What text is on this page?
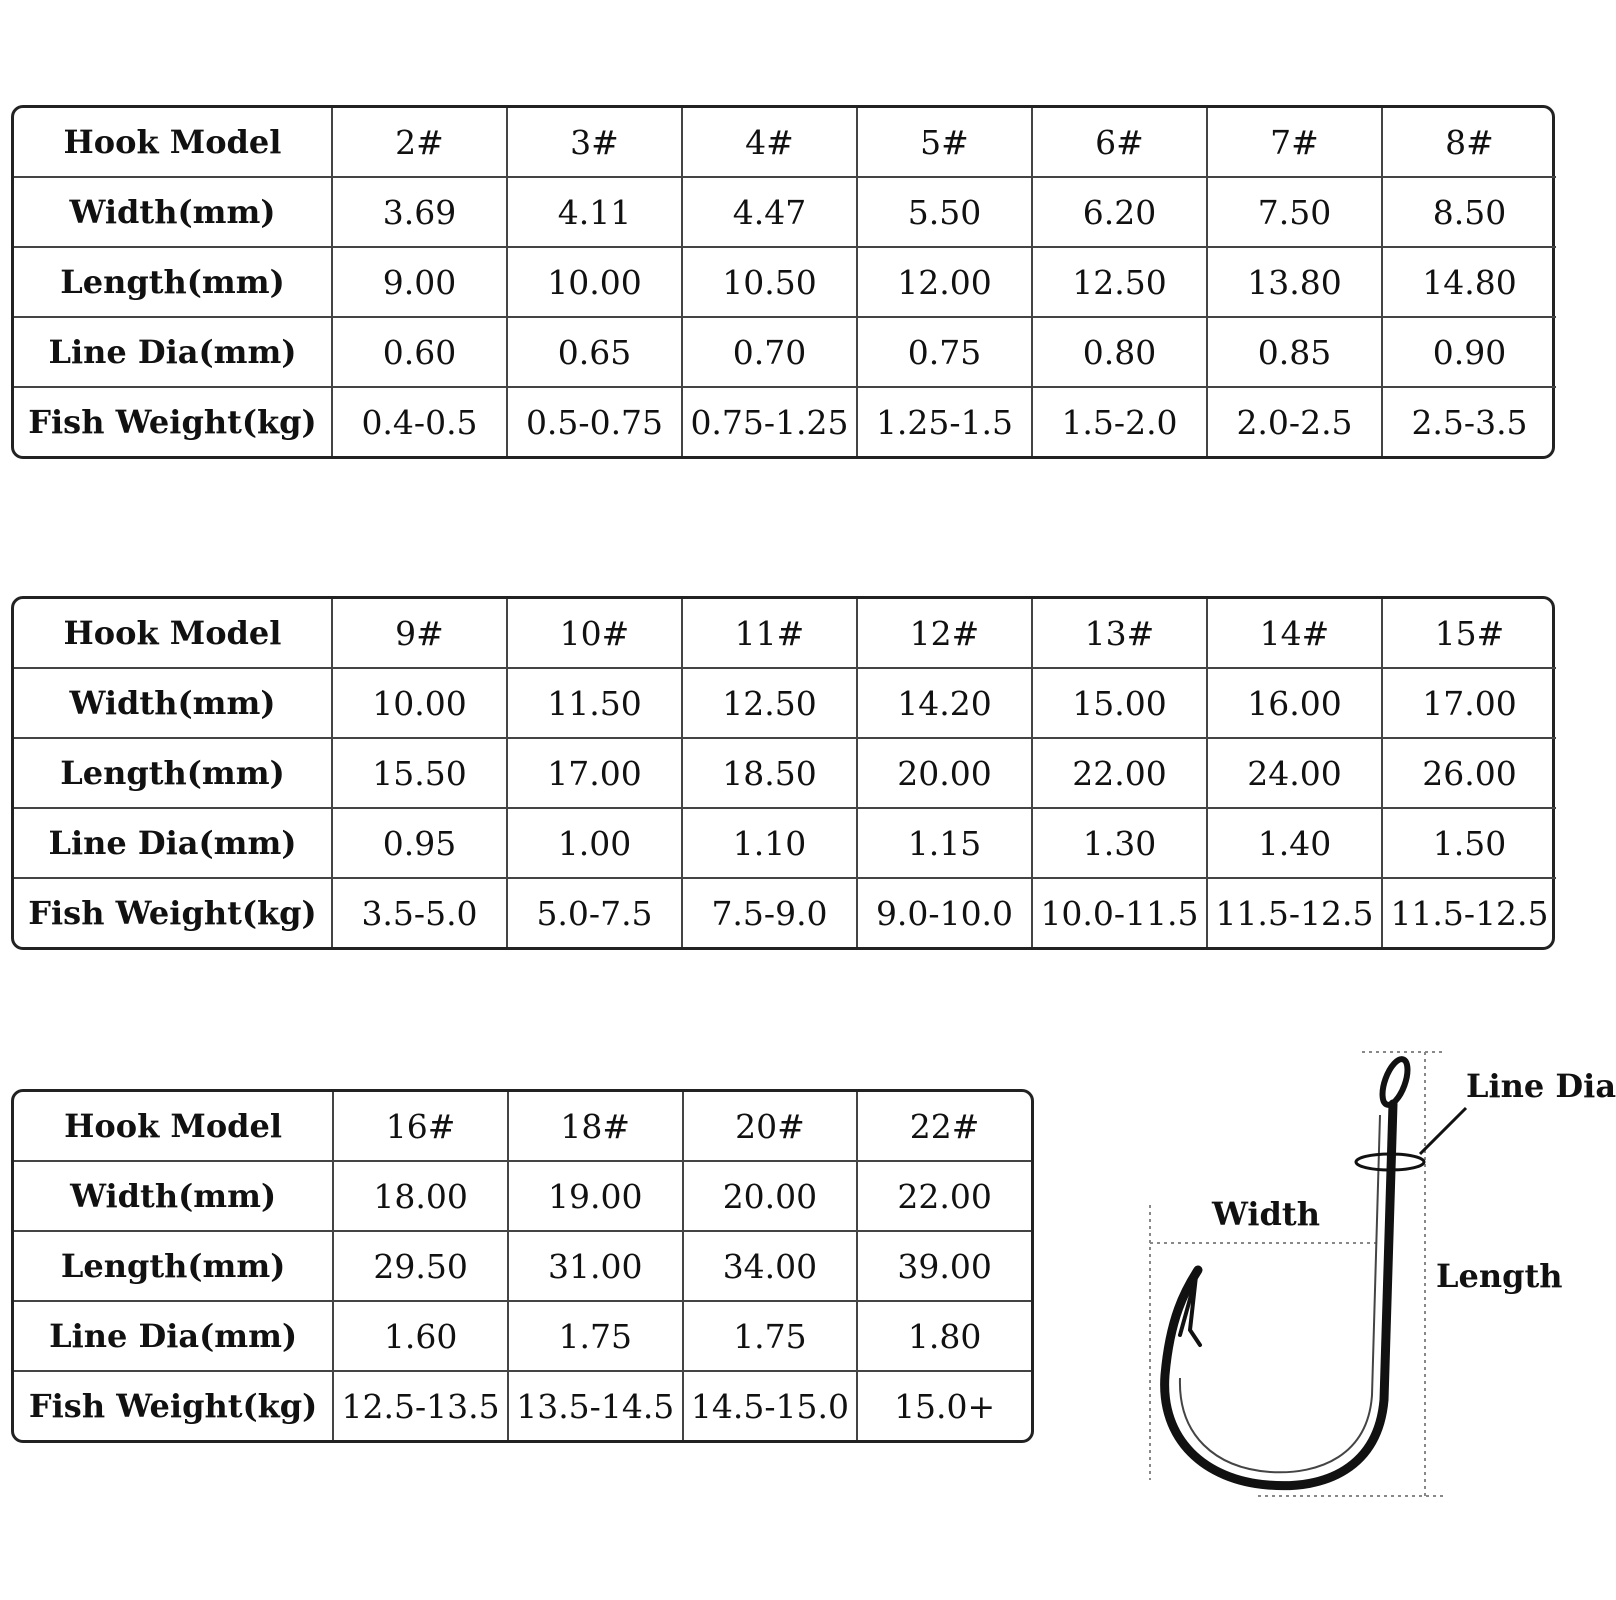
Hook Model	2#	3#	4#	5#	6#	7#	8#
Width(mm)	3.69	4.11	4.47	5.50	6.20	7.50	8.50
Length(mm)	9.00	10.00	10.50	12.00	12.50	13.80	14.80
Line Dia(mm)	0.60	0.65	0.70	0.75	0.80	0.85	0.90
Fish Weight(kg)	0.4-0.5	0.5-0.75	0.75-1.25	1.25-1.5	1.5-2.0	2.0-2.5	2.5-3.5
Hook Model	9#	10#	11#	12#	13#	14#	15#
Width(mm)	10.00	11.50	12.50	14.20	15.00	16.00	17.00
Length(mm)	15.50	17.00	18.50	20.00	22.00	24.00	26.00
Line Dia(mm)	0.95	1.00	1.10	1.15	1.30	1.40	1.50
Fish Weight(kg)	3.5-5.0	5.0-7.5	7.5-9.0	9.0-10.0	10.0-11.5	11.5-12.5	11.5-12.5
Hook Model	16#	18#	20#	22#
Width(mm)	18.00	19.00	20.00	22.00
Length(mm)	29.50	31.00	34.00	39.00
Line Dia(mm)	1.60	1.75	1.75	1.80
Fish Weight(kg)	12.5-13.5	13.5-14.5	14.5-15.0	15.0+
Line Dia
Width
Length
